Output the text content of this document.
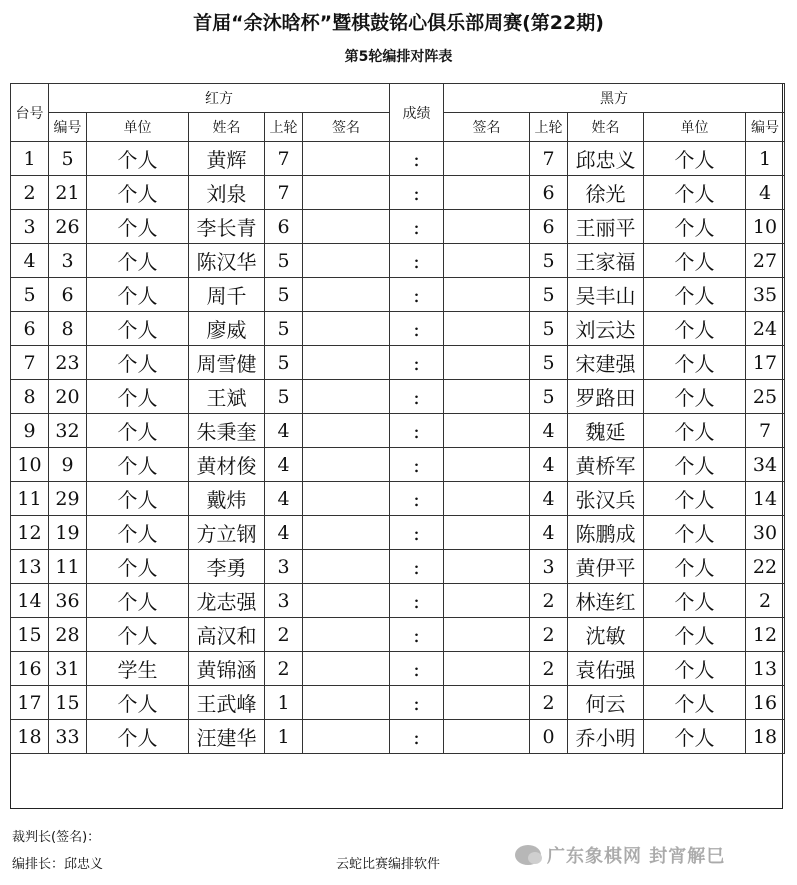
首届“余沐晗杯”暨棋鼓铭心俱乐部周赛(第22期)
第5轮编排对阵表
台号	红方					成绩	黑方				
	编号	单位	姓名	上轮	签名		签名	上轮	姓名	单位	编号
1	5	个人	黄辉	7		:		7	邱忠义	个人	1
2	21	个人	刘泉	7		:		6	徐光	个人	4
3	26	个人	李长青	6		:		6	王丽平	个人	10
4	3	个人	陈汉华	5		:		5	王家福	个人	27
5	6	个人	周千	5		:		5	吴丰山	个人	35
6	8	个人	廖威	5		:		5	刘云达	个人	24
7	23	个人	周雪健	5		:		5	宋建强	个人	17
8	20	个人	王斌	5		:		5	罗路田	个人	25
9	32	个人	朱秉奎	4		:		4	魏延	个人	7
10	9	个人	黄材俊	4		:		4	黄桥军	个人	34
11	29	个人	戴炜	4		:		4	张汉兵	个人	14
12	19	个人	方立钢	4		:		4	陈鹏成	个人	30
13	11	个人	李勇	3		:		3	黄伊平	个人	22
14	36	个人	龙志强	3		:		2	林连红	个人	2
15	28	个人	高汉和	2		:		2	沈敏	个人	12
16	31	学生	黄锦涵	2		:		2	袁佑强	个人	13
17	15	个人	王武峰	1		:		2	何云	个人	16
18	33	个人	汪建华	1		:		0	乔小明	个人	18
裁判长(签名)：
编排长：邱忠义	云蛇比赛编排软件	广东象棋网 封宵解巳
